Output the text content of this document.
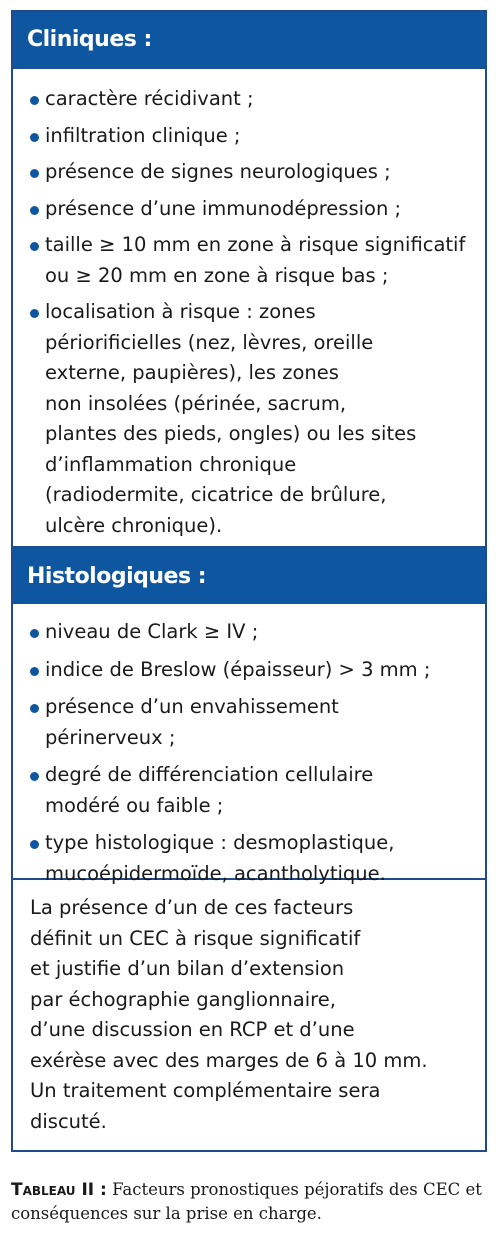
Cliniques :
caractère récidivant ;
infiltration clinique ;
présence de signes neurologiques ;
présence d’une immunodépression ;
taille ≥ 10 mm en zone à risque significatif
ou ≥ 20 mm en zone à risque bas ;
localisation à risque : zones
périorificielles (nez, lèvres, oreille
externe, paupières), les zones
non insolées (périnée, sacrum,
plantes des pieds, ongles) ou les sites
d’inflammation chronique
(radiodermite, cicatrice de brûlure,
ulcère chronique).
Histologiques :
niveau de Clark ≥ IV ;
indice de Breslow (épaisseur) > 3 mm ;
présence d’un envahissement
périnerveux ;
degré de différenciation cellulaire
modéré ou faible ;
type histologique : desmoplastique,
mucoépidermoïde, acantholytique.
La présence d’un de ces facteurs
définit un CEC à risque significatif
et justifie d’un bilan d’extension
par échographie ganglionnaire,
d’une discussion en RCP et d’une
exérèse avec des marges de 6 à 10 mm.
Un traitement complémentaire sera
discuté.
Tableau II : Facteurs pronostiques péjoratifs des CEC et conséquences sur la prise en charge.
